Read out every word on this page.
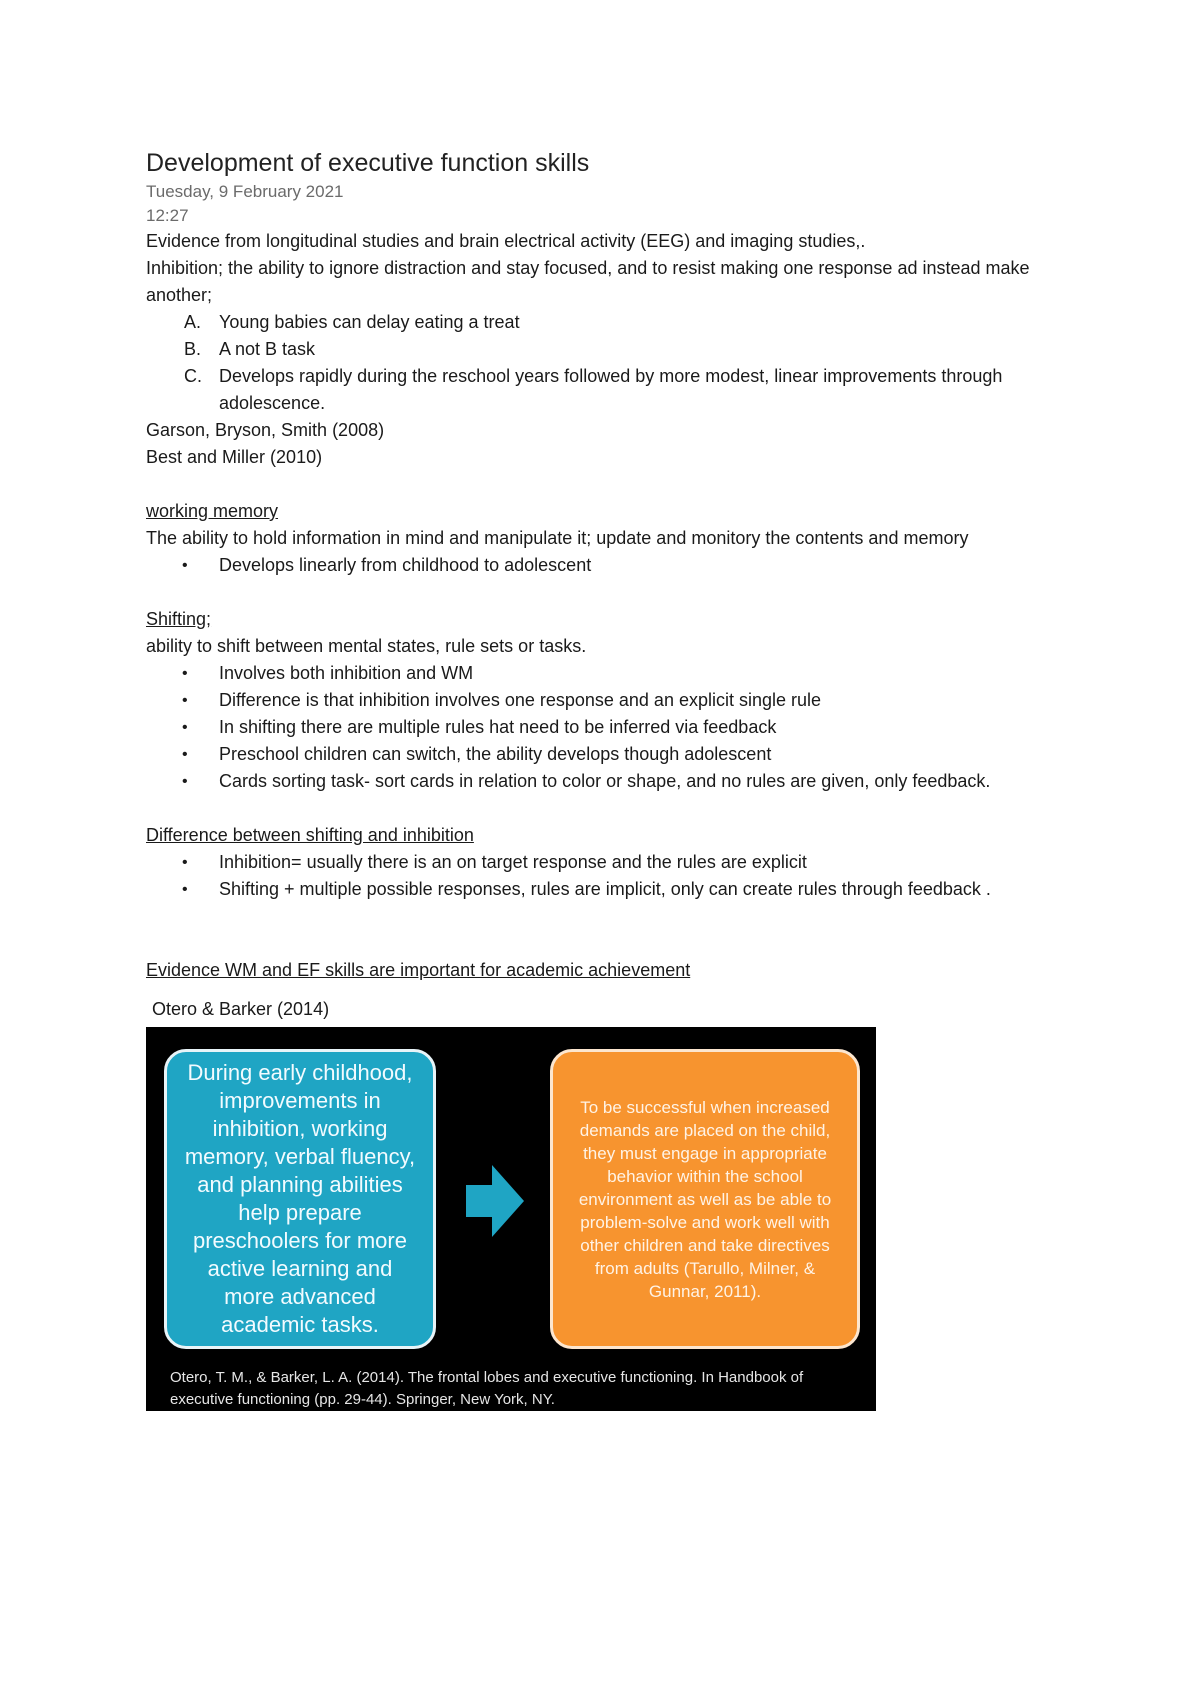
Development of executive function skills
Tuesday, 9 February 2021
12:27

Evidence from longitudinal studies and brain electrical activity (EEG) and imaging studies,.

Inhibition; the ability to ignore distraction and stay focused, and to resist making one response ad instead make another;

A. Young babies can delay eating a treat
B. A not B task
C. Develops rapidly during the reschool years followed by more modest, linear improvements through adolescence.

Garson, Bryson, Smith (2008)

Best and Miller (2010)

working memory

The ability to hold information in mind and manipulate it; update and monitory the contents and memory

• Develops linearly from childhood to adolescent

Shifting;

ability to shift between mental states, rule sets or tasks.

• Involves both inhibition and WM
• Difference is that inhibition involves one response and an explicit single rule
• In shifting there are multiple rules hat need to be inferred via feedback
• Preschool children can switch, the ability develops though adolescent
• Cards sorting task- sort cards in relation to color or shape, and no rules are given, only feedback.

Difference between shifting and inhibition

• Inhibition= usually there is an on target response and the rules are explicit
• Shifting + multiple possible responses, rules are implicit, only can create rules through feedback .

Evidence WM and EF skills are important for academic achievement

Otero & Barker (2014)
During early childhood, improvements in inhibition, working memory, verbal fluency, and planning abilities help prepare preschoolers for more active learning and more advanced academic tasks.
To be successful when increased demands are placed on the child, they must engage in appropriate behavior within the school environment as well as be able to problem-solve and work well with other children and take directives from adults (Tarullo, Milner, & Gunnar, 2011).
Otero, T. M., & Barker, L. A. (2014). The frontal lobes and executive functioning. In Handbook of executive functioning (pp. 29-44). Springer, New York, NY.
